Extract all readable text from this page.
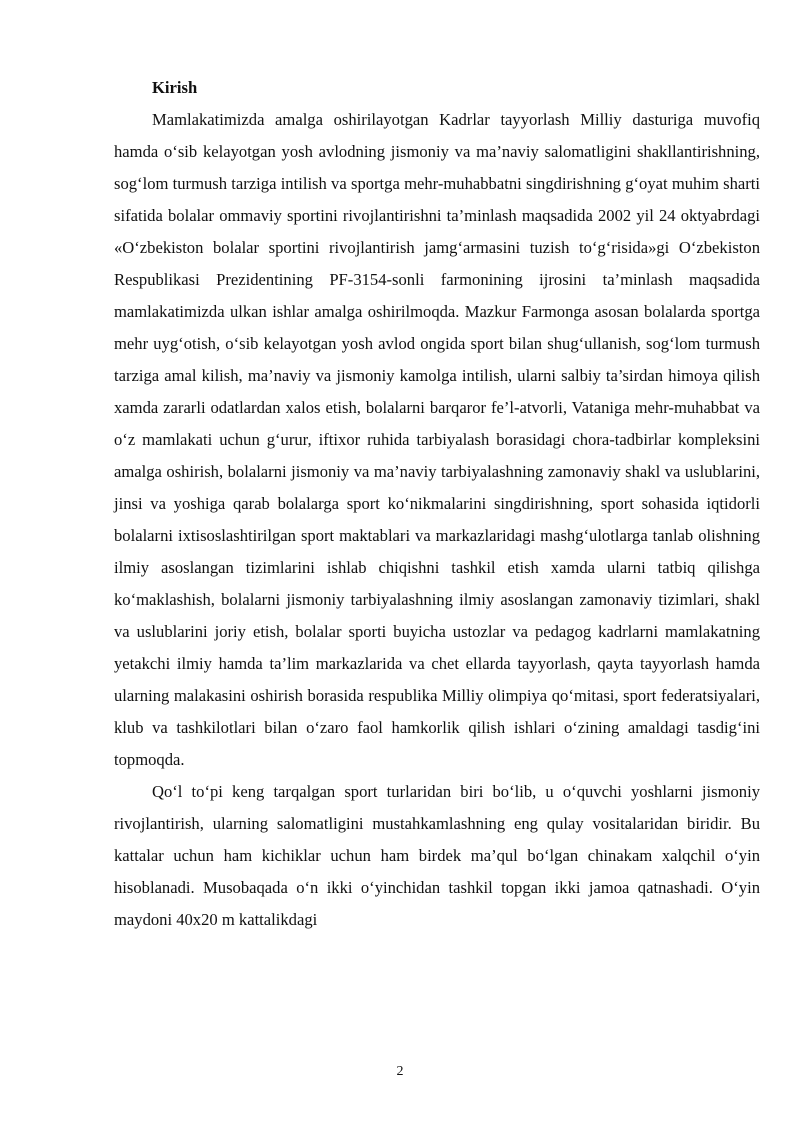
Kirish

Mamlakatimizda amalga oshirilayotgan Kadrlar tayyorlash Milliy dasturiga muvofiq hamda o‘sib kelayotgan yosh avlodning jismoniy va ma’naviy salomatligini shakllantirishning, sog‘lom turmush tarziga intilish va sportga mehr-muhabbatni singdirishning g‘oyat muhim sharti sifatida bolalar ommaviy sportini rivojlantirishni ta’minlash maqsadida 2002 yil 24 oktyabrdagi «O‘zbekiston bolalar sportini rivojlantirish jamg‘armasini tuzish to‘g‘risida»gi O‘zbekiston Respublikasi Prezidentining PF-3154-sonli farmonining ijrosini ta’minlash maqsadida mamlakatimizda ulkan ishlar amalga oshirilmoqda. Mazkur Farmonga asosan bolalarda sportga mehr uyg‘otish, o‘sib kelayotgan yosh avlod ongida sport bilan shug‘ullanish, sog‘lom turmush tarziga amal kilish, ma’naviy va jismoniy kamolga intilish, ularni salbiy ta’sirdan himoya qilish xamda zararli odatlardan xalos etish, bolalarni barqaror fe’l-atvorli, Vataniga mehr-muhabbat va o‘z mamlakati uchun g‘urur, iftixor ruhida tarbiyalash borasidagi chora-tadbirlar kompleksini amalga oshirish, bolalarni jismoniy va ma’naviy tarbiyalashning zamonaviy shakl va uslublarini, jinsi va yoshiga qarab bolalarga sport ko‘nikmalarini singdirishning, sport sohasida iqtidorli bolalarni ixtisoslashtirilgan sport maktablari va markazlaridagi mashg‘ulotlarga tanlab olishning ilmiy asoslangan tizimlarini ishlab chiqishni tashkil etish xamda ularni tatbiq qilishga ko‘maklashish, bolalarni jismoniy tarbiyalashning ilmiy asoslangan zamonaviy tizimlari, shakl va uslublarini joriy etish, bolalar sporti buyicha ustozlar va pedagog kadrlarni mamlakatning yetakchi ilmiy hamda ta’lim markazlarida va chet ellarda tayyorlash, qayta tayyorlash hamda ularning malakasini oshirish borasida respublika Milliy olimpiya qo‘mitasi, sport federatsiyalari, klub va tashkilotlari bilan o‘zaro faol hamkorlik qilish ishlari o‘zining amaldagi tasdig‘ini topmoqda.

Qo‘l to‘pi keng tarqalgan sport turlaridan biri bo‘lib, u o‘quvchi yoshlarni jismoniy rivojlantirish, ularning salomatligini mustahkamlashning eng qulay vositalaridan biridir. Bu kattalar uchun ham kichiklar uchun ham birdek ma’qul bo‘lgan chinakam xalqchil o‘yin hisoblanadi. Musobaqada o‘n ikki o‘yinchidan tashkil topgan ikki jamoa qatnashadi. O‘yin maydoni 40x20 m kattalikdagi

2
